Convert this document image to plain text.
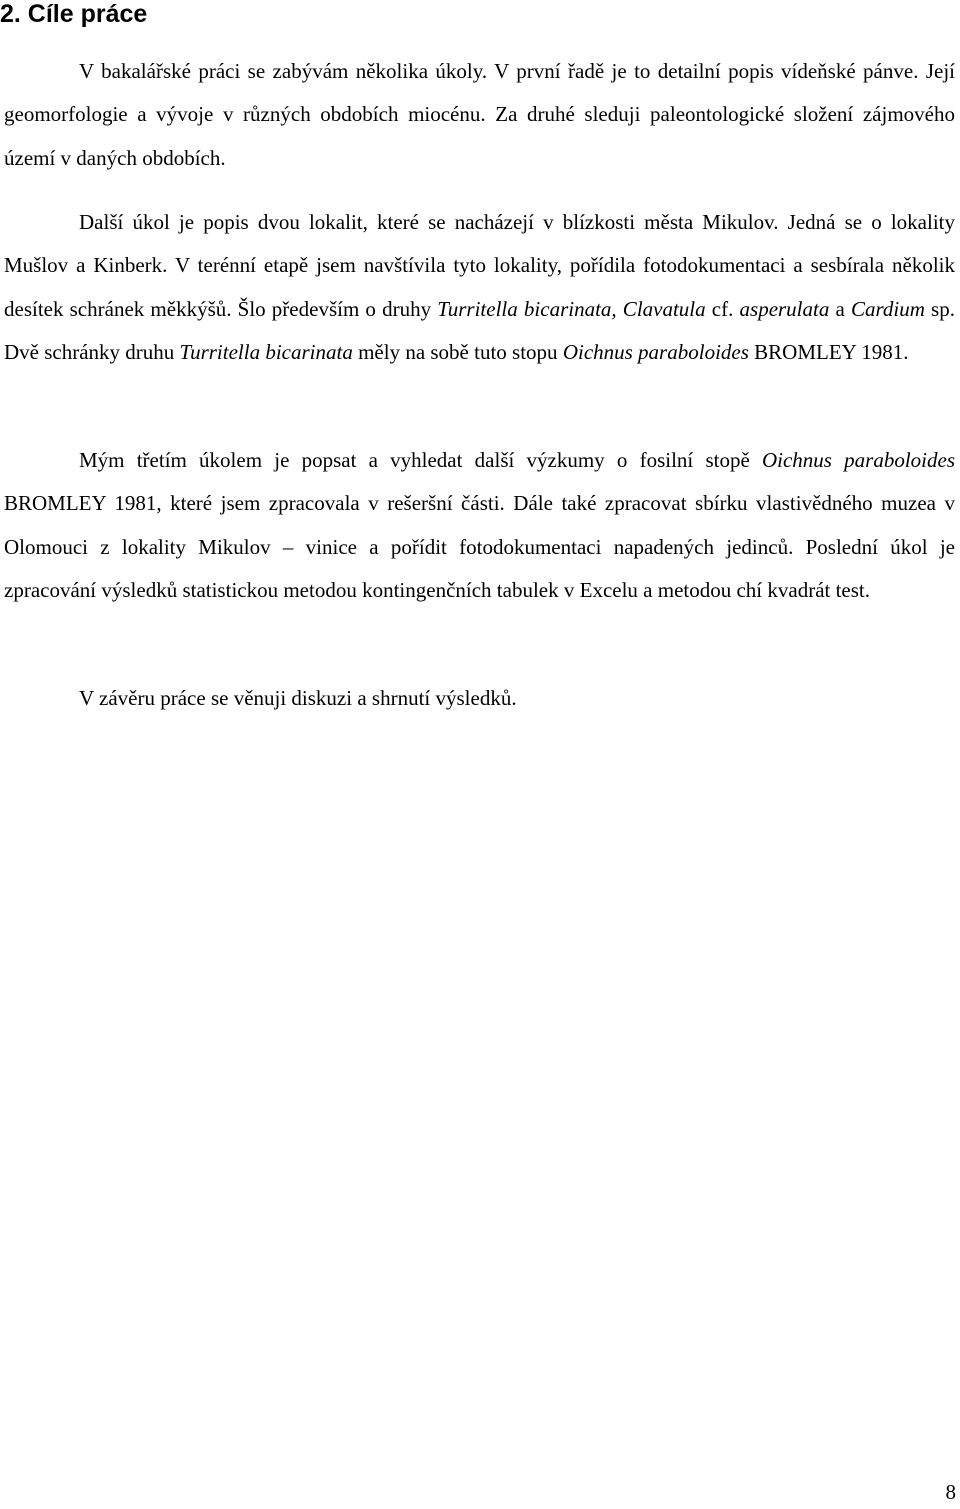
2. Cíle práce

V bakalářské práci se zabývám několika úkoly. V první řadě je to detailní popis vídeňské pánve. Její geomorfologie a vývoje v různých obdobích miocénu. Za druhé sleduji paleontologické složení zájmového území v daných obdobích.

Další úkol je popis dvou lokalit, které se nacházejí v blízkosti města Mikulov. Jedná se o lokality Mušlov a Kinberk. V terénní etapě jsem navštívila tyto lokality, pořídila fotodokumentaci a sesbírala několik desítek schránek měkkýšů. Šlo především o druhy Turritella bicarinata, Clavatula cf. asperulata a Cardium sp. Dvě schránky druhu Turritella bicarinata měly na sobě tuto stopu Oichnus paraboloides BROMLEY 1981.

Mým třetím úkolem je popsat a vyhledat další výzkumy o fosilní stopě Oichnus paraboloides BROMLEY 1981, které jsem zpracovala v rešeršní části. Dále také zpracovat sbírku vlastivědného muzea v Olomouci z lokality Mikulov – vinice a pořídit fotodokumentaci napadených jedinců. Poslední úkol je zpracování výsledků statistickou metodou kontingenčních tabulek v Excelu a metodou chí kvadrát test.

V závěru práce se věnuji diskuzi a shrnutí výsledků.

8
